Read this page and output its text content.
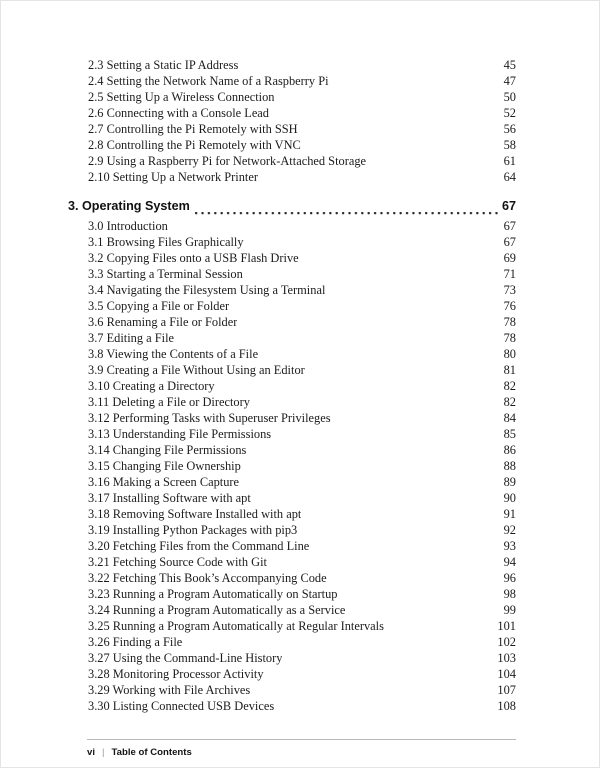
2.3 Setting a Static IP Address	45
2.4 Setting the Network Name of a Raspberry Pi	47
2.5 Setting Up a Wireless Connection	50
2.6 Connecting with a Console Lead	52
2.7 Controlling the Pi Remotely with SSH	56
2.8 Controlling the Pi Remotely with VNC	58
2.9 Using a Raspberry Pi for Network-Attached Storage	61
2.10 Setting Up a Network Printer	64
3. Operating System	67
3.0 Introduction	67
3.1 Browsing Files Graphically	67
3.2 Copying Files onto a USB Flash Drive	69
3.3 Starting a Terminal Session	71
3.4 Navigating the Filesystem Using a Terminal	73
3.5 Copying a File or Folder	76
3.6 Renaming a File or Folder	78
3.7 Editing a File	78
3.8 Viewing the Contents of a File	80
3.9 Creating a File Without Using an Editor	81
3.10 Creating a Directory	82
3.11 Deleting a File or Directory	82
3.12 Performing Tasks with Superuser Privileges	84
3.13 Understanding File Permissions	85
3.14 Changing File Permissions	86
3.15 Changing File Ownership	88
3.16 Making a Screen Capture	89
3.17 Installing Software with apt	90
3.18 Removing Software Installed with apt	91
3.19 Installing Python Packages with pip3	92
3.20 Fetching Files from the Command Line	93
3.21 Fetching Source Code with Git	94
3.22 Fetching This Book’s Accompanying Code	96
3.23 Running a Program Automatically on Startup	98
3.24 Running a Program Automatically as a Service	99
3.25 Running a Program Automatically at Regular Intervals	101
3.26 Finding a File	102
3.27 Using the Command-Line History	103
3.28 Monitoring Processor Activity	104
3.29 Working with File Archives	107
3.30 Listing Connected USB Devices	108
vi | Table of Contents
